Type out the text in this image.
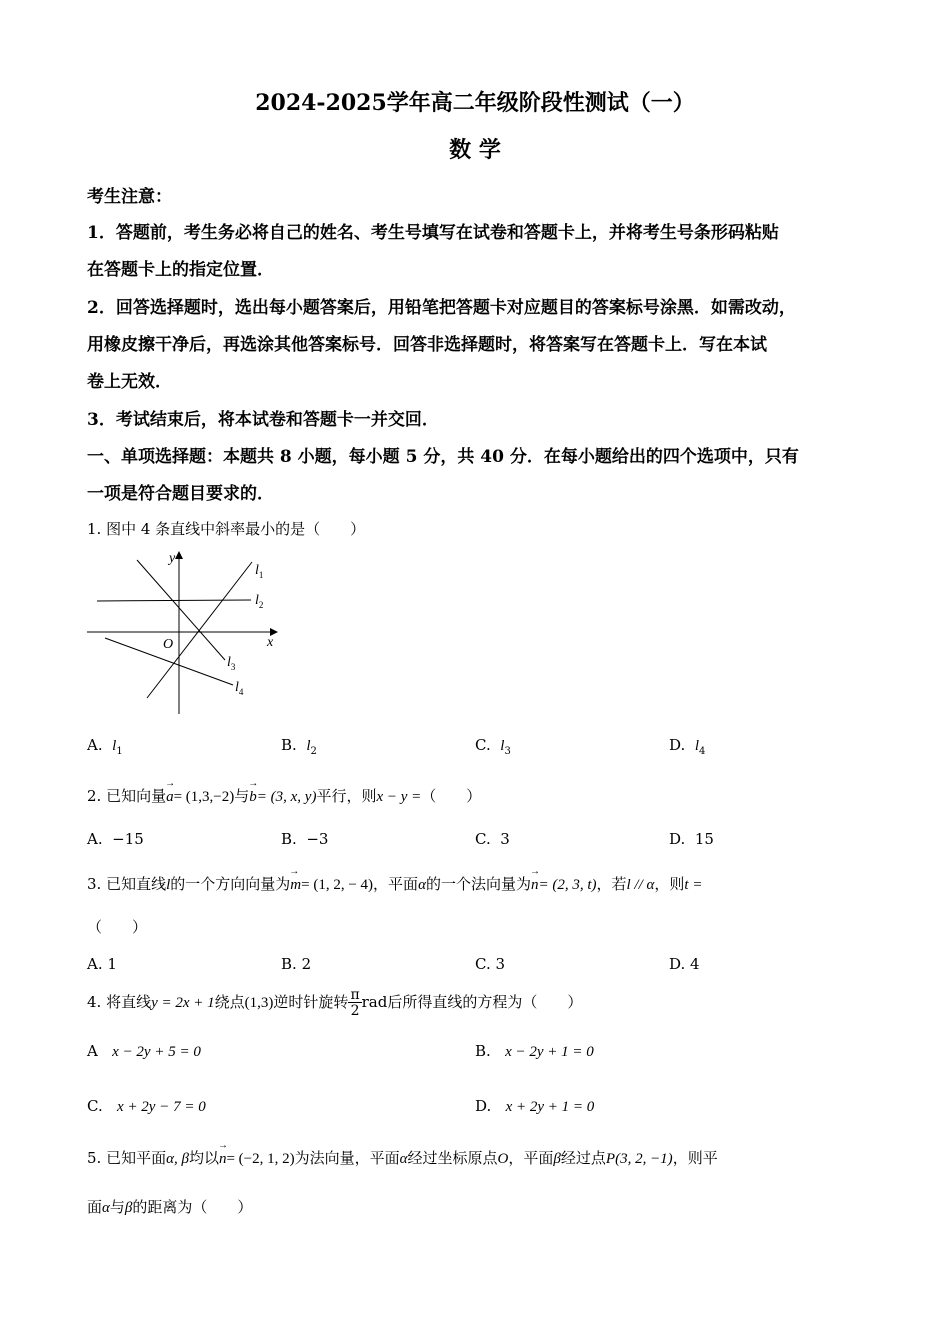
2024-2025学年高二年级阶段性测试（一）
数 学
考生注意：
1．答题前，考生务必将自己的姓名、考生号填写在试卷和答题卡上，并将考生号条形码粘贴
在答题卡上的指定位置．
2．回答选择题时，选出每小题答案后，用铅笔把答题卡对应题目的答案标号涂黑．如需改动，
用橡皮擦干净后，再选涂其他答案标号．回答非选择题时，将答案写在答题卡上．写在本试
卷上无效．
3．考试结束后，将本试卷和答题卡一并交回．
一、单项选择题：本题共 8 小题，每小题 5 分，共 40 分．在每小题给出的四个选项中，只有
一项是符合题目要求的．
1. 图中 4 条直线中斜率最小的是（　　）
y
x
O
$l_1$
$l_2$
$l_3$
$l_4$
A. $l_1$	B. $l_2$	C. $l_3$	D. $l_4$
2. 已知向量→ a= (1,3,−2)与→ b= (3, x, y)平行，则x − y =（　　）
A. −15	B. −3	C. 3	D. 15
3. 已知直线l的一个方向向量为→ m= (1, 2, − 4)，平面α的一个法向量为→ n= (2, 3, t)，若l // α，则t =
（　　）
A. 1	B. 2	C. 3	D. 4
4. 将直线y = 2x + 1绕点(1,3)逆时针旋转 $\frac{\pi}{2}$ rad后所得直线的方程为（　　）
A x − 2y + 5 = 0	B. x − 2y + 1 = 0
C. x + 2y − 7 = 0	D. x + 2y + 1 = 0
5. 已知平面α, β均以→ n= (−2, 1, 2)为法向量，平面α经过坐标原点O，平面β经过点P(3, 2, −1)，则平
面α与β的距离为（　　）
